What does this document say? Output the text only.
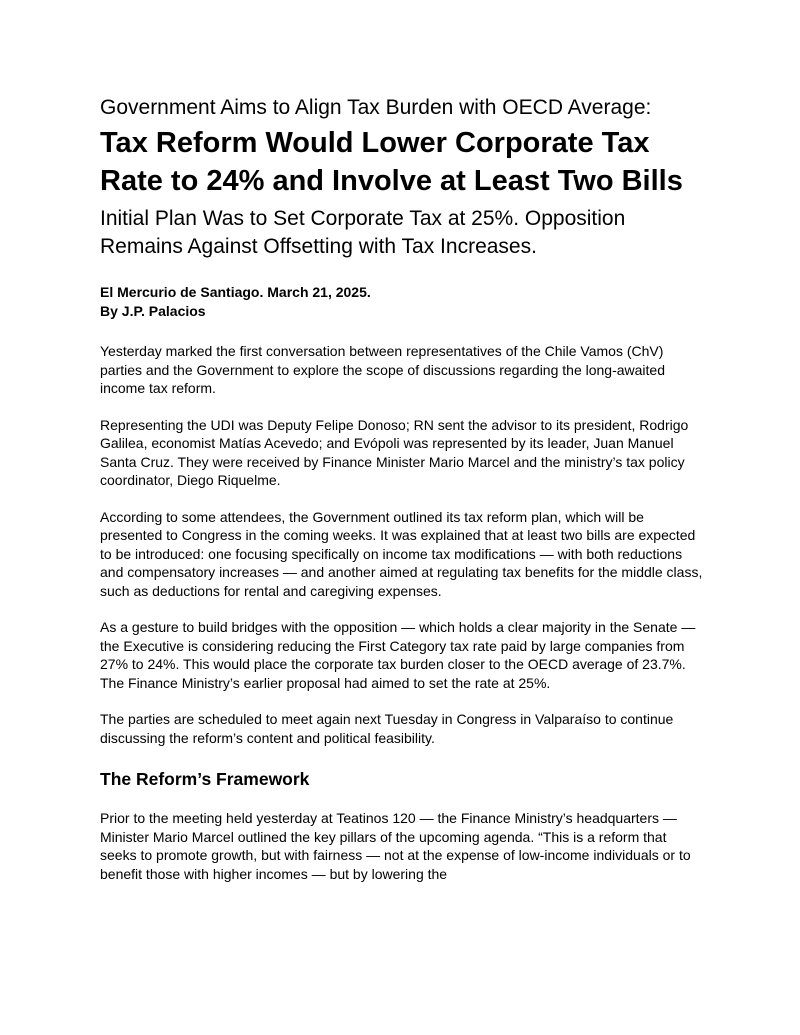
Government Aims to Align Tax Burden with OECD Average:
Tax Reform Would Lower Corporate Tax Rate to 24% and Involve at Least Two Bills
Initial Plan Was to Set Corporate Tax at 25%. Opposition Remains Against Offsetting with Tax Increases.
El Mercurio de Santiago. March 21, 2025.
By J.P. Palacios

Yesterday marked the first conversation between representatives of the Chile Vamos (ChV) parties and the Government to explore the scope of discussions regarding the long-awaited income tax reform.

Representing the UDI was Deputy Felipe Donoso; RN sent the advisor to its president, Rodrigo Galilea, economist Matías Acevedo; and Evópoli was represented by its leader, Juan Manuel Santa Cruz. They were received by Finance Minister Mario Marcel and the ministry’s tax policy coordinator, Diego Riquelme.

According to some attendees, the Government outlined its tax reform plan, which will be presented to Congress in the coming weeks. It was explained that at least two bills are expected to be introduced: one focusing specifically on income tax modifications — with both reductions and compensatory increases — and another aimed at regulating tax benefits for the middle class, such as deductions for rental and caregiving expenses.

As a gesture to build bridges with the opposition — which holds a clear majority in the Senate — the Executive is considering reducing the First Category tax rate paid by large companies from 27% to 24%. This would place the corporate tax burden closer to the OECD average of 23.7%. The Finance Ministry’s earlier proposal had aimed to set the rate at 25%.

The parties are scheduled to meet again next Tuesday in Congress in Valparaíso to continue discussing the reform’s content and political feasibility.

The Reform’s Framework

Prior to the meeting held yesterday at Teatinos 120 — the Finance Ministry’s headquarters — Minister Mario Marcel outlined the key pillars of the upcoming agenda. “This is a reform that seeks to promote growth, but with fairness — not at the expense of low-income individuals or to benefit those with higher incomes — but by lowering the
